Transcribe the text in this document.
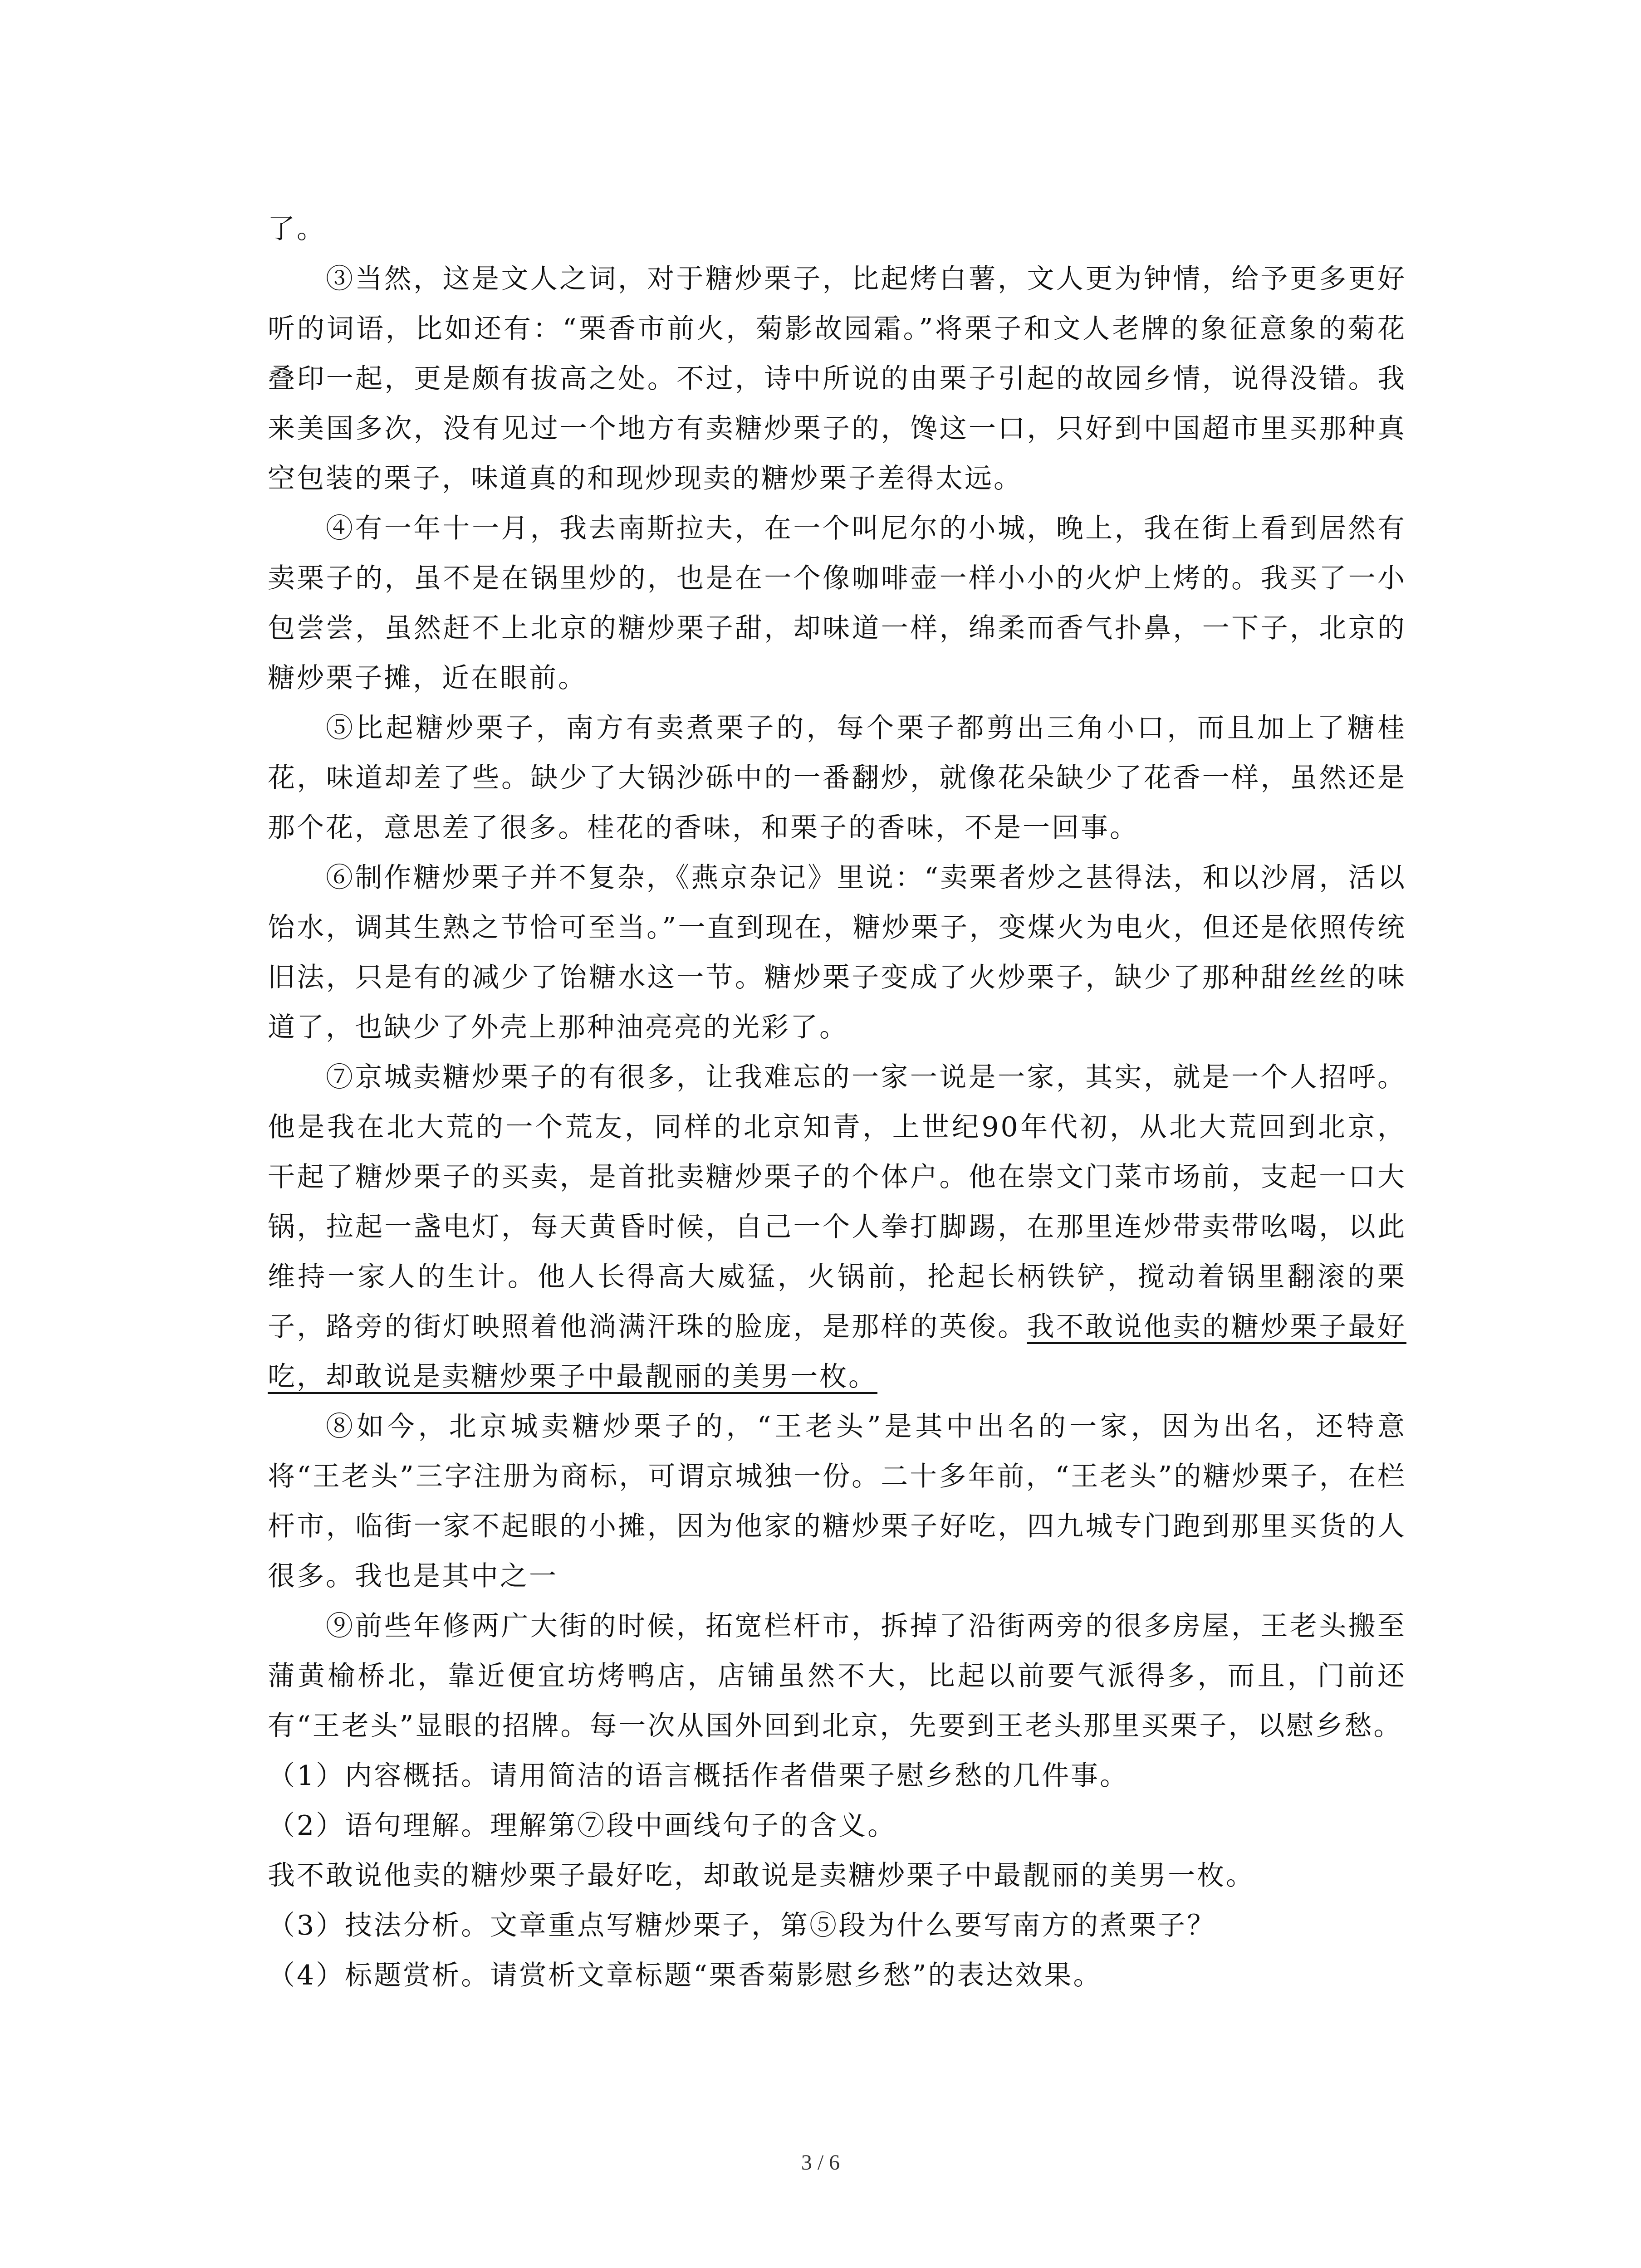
了。

③当然，这是文人之词，对于糖炒栗子，比起烤白薯，文人更为钟情，给予更多更好听的词语，比如还有：“栗香市前火，菊影故园霜。”将栗子和文人老牌的象征意象的菊花叠印一起，更是颇有拔高之处。不过，诗中所说的由栗子引起的故园乡情，说得没错。我来美国多次，没有见过一个地方有卖糖炒栗子的，馋这一口，只好到中国超市里买那种真空包装的栗子，味道真的和现炒现卖的糖炒栗子差得太远。

④有一年十一月，我去南斯拉夫，在一个叫尼尔的小城，晚上，我在街上看到居然有卖栗子的，虽不是在锅里炒的，也是在一个像咖啡壶一样小小的火炉上烤的。我买了一小包尝尝，虽然赶不上北京的糖炒栗子甜，却味道一样，绵柔而香气扑鼻，一下子，北京的糖炒栗子摊，近在眼前。

⑤比起糖炒栗子，南方有卖煮栗子的，每个栗子都剪出三角小口，而且加上了糖桂花，味道却差了些。缺少了大锅沙砾中的一番翻炒，就像花朵缺少了花香一样，虽然还是那个花，意思差了很多。桂花的香味，和栗子的香味，不是一回事。

⑥制作糖炒栗子并不复杂，《燕京杂记》里说：“卖栗者炒之甚得法，和以沙屑，活以饴水，调其生熟之节恰可至当。”一直到现在，糖炒栗子，变煤火为电火，但还是依照传统旧法，只是有的减少了饴糖水这一节。糖炒栗子变成了火炒栗子，缺少了那种甜丝丝的味道了，也缺少了外壳上那种油亮亮的光彩了。

⑦京城卖糖炒栗子的有很多，让我难忘的一家一说是一家，其实，就是一个人招呼。他是我在北大荒的一个荒友，同样的北京知青，上世纪90年代初，从北大荒回到北京，干起了糖炒栗子的买卖，是首批卖糖炒栗子的个体户。他在崇文门菜市场前，支起一口大锅，拉起一盏电灯，每天黄昏时候，自己一个人拳打脚踢，在那里连炒带卖带吆喝，以此维持一家人的生计。他人长得高大威猛，火锅前，抡起长柄铁铲，搅动着锅里翻滚的栗子，路旁的街灯映照着他淌满汗珠的脸庞，是那样的英俊。我不敢说他卖的糖炒栗子最好吃，却敢说是卖糖炒栗子中最靓丽的美男一枚。

⑧如今，北京城卖糖炒栗子的，“王老头”是其中出名的一家，因为出名，还特意将“王老头”三字注册为商标，可谓京城独一份。二十多年前，“王老头”的糖炒栗子，在栏杆市，临街一家不起眼的小摊，因为他家的糖炒栗子好吃，四九城专门跑到那里买货的人很多。我也是其中之一

⑨前些年修两广大街的时候，拓宽栏杆市，拆掉了沿街两旁的很多房屋，王老头搬至蒲黄榆桥北，靠近便宜坊烤鸭店，店铺虽然不大，比起以前要气派得多，而且，门前还有“王老头”显眼的招牌。每一次从国外回到北京，先要到王老头那里买栗子，以慰乡愁。

（1）内容概括。请用简洁的语言概括作者借栗子慰乡愁的几件事。

（2）语句理解。理解第⑦段中画线句子的含义。

我不敢说他卖的糖炒栗子最好吃，却敢说是卖糖炒栗子中最靓丽的美男一枚。

（3）技法分析。文章重点写糖炒栗子，第⑤段为什么要写南方的煮栗子？

（4）标题赏析。请赏析文章标题“栗香菊影慰乡愁”的表达效果。

3 / 6
